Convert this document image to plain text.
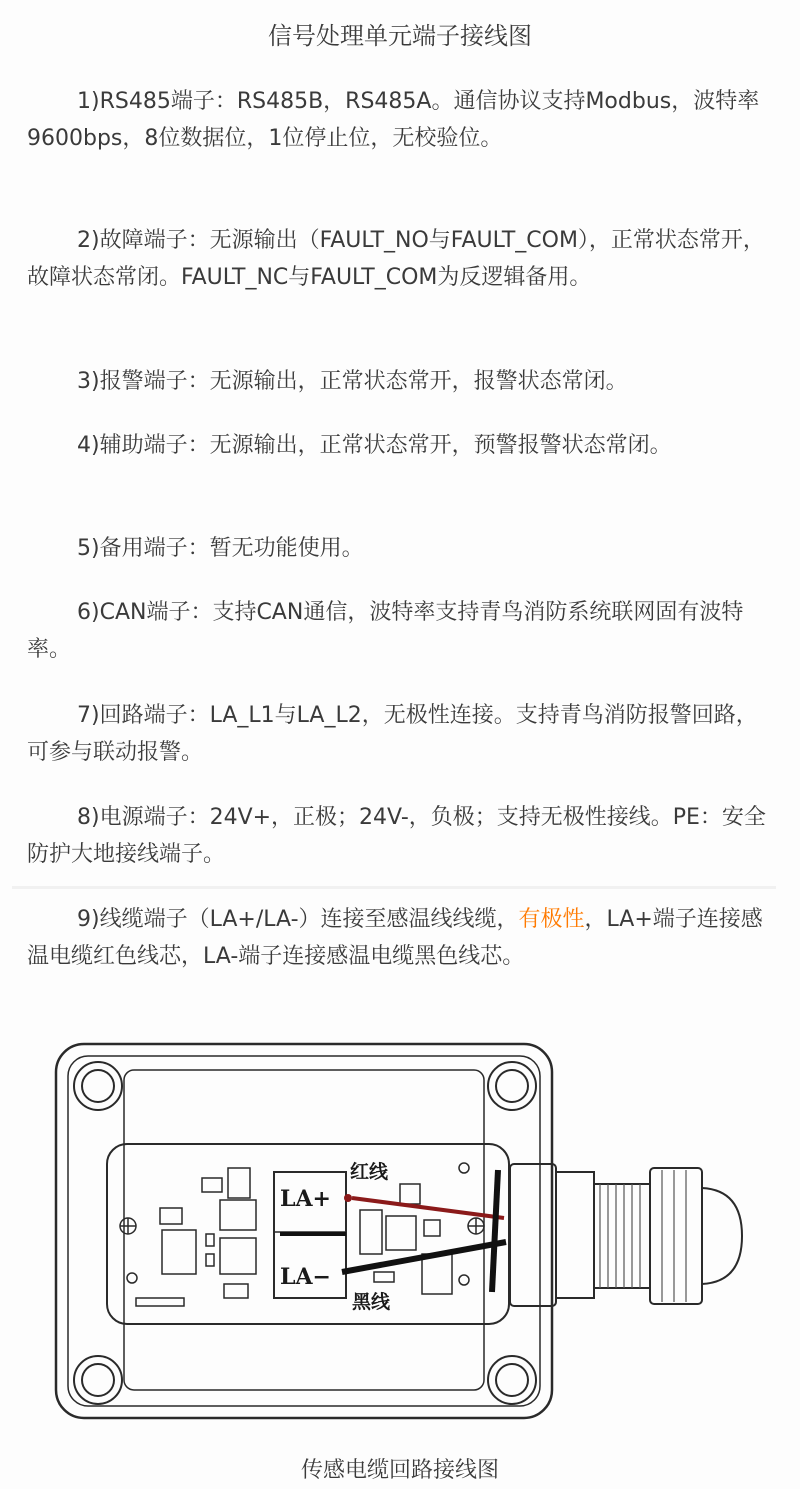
信号处理单元端子接线图

1)RS485端子：RS485B，RS485A。通信协议支持Modbus，波特率9600bps，8位数据位，1位停止位，无校验位。

2)故障端子：无源输出（FAULT_NO与FAULT_COM），正常状态常开，故障状态常闭。FAULT_NC与FAULT_COM为反逻辑备用。

3)报警端子：无源输出，正常状态常开，报警状态常闭。

4)辅助端子：无源输出，正常状态常开，预警报警状态常闭。

5)备用端子：暂无功能使用。

6)CAN端子：支持CAN通信，波特率支持青鸟消防系统联网固有波特率。

7)回路端子：LA_L1与LA_L2，无极性连接。支持青鸟消防报警回路，可参与联动报警。

8)电源端子：24V+，正极；24V-，负极；支持无极性接线。PE：安全防护大地接线端子。

9)线缆端子（LA+/LA-）连接至感温线线缆，有极性，LA+端子连接感温电缆红色线芯，LA-端子连接感温电缆黑色线芯。

LA+
LA−
红线
黑线
传感电缆回路接线图
